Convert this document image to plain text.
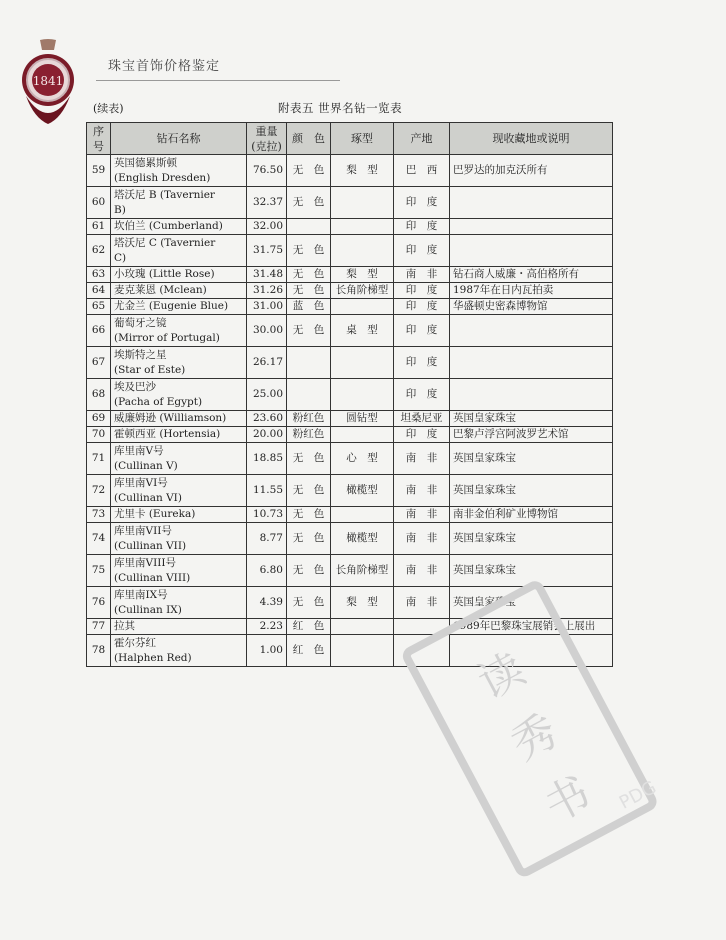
1841
珠宝首饰价格鉴定
(续表)	附表五 世界名钻一览表
序号	钻石名称	重量
(克拉)	颜　色	琢型	产地	现收藏地或说明
59	英国德累斯顿
(English Dresden)	76.50	无　色	梨　型	巴　西	巴罗达的加克沃所有
60	塔沃尼 B (Tavernier
B)	32.37	无　色		印　度	
61	坎伯兰 (Cumberland)	32.00			印　度	
62	塔沃尼 C (Tavernier
C)	31.75	无　色		印　度	
63	小玫瑰 (Little Rose)	31.48	无　色	梨　型	南　非	钻石商人威廉・高伯格所有
64	麦克莱恩 (Mclean)	31.26	无　色	长角阶梯型	印　度	1987年在日内瓦拍卖
65	尤金兰 (Eugenie Blue)	31.00	蓝　色		印　度	华盛顿史密森博物馆
66	葡萄牙之镜
(Mirror of Portugal)	30.00	无　色	桌　型	印　度	
67	埃斯特之星
(Star of Este)	26.17			印　度	
68	埃及巴沙
(Pacha of Egypt)	25.00			印　度	
69	威廉姆逊 (Williamson)	23.60	粉红色	圆钻型	坦桑尼亚	英国皇家珠宝
70	霍顿西亚 (Hortensia)	20.00	粉红色		印　度	巴黎卢浮宫阿波罗艺术馆
71	库里南V号
(Cullinan V)	18.85	无　色	心　型	南　非	英国皇家珠宝
72	库里南VI号
(Cullinan VI)	11.55	无　色	橄榄型	南　非	英国皇家珠宝
73	尤里卡 (Eureka)	10.73	无　色		南　非	南非金伯利矿业博物馆
74	库里南VII号
(Cullinan VII)	8.77	无　色	橄榄型	南　非	英国皇家珠宝
75	库里南VIII号
(Cullinan VIII)	6.80	无　色	长角阶梯型	南　非	英国皇家珠宝
76	库里南IX号
(Cullinan IX)	4.39	无　色	梨　型	南　非	英国皇家珠宝
77	拉其	2.23	红　色			1989年巴黎珠宝展销会上展出
78	霍尔芬红
(Halphen Red)	1.00	红　色				读
秀
书 PDG
